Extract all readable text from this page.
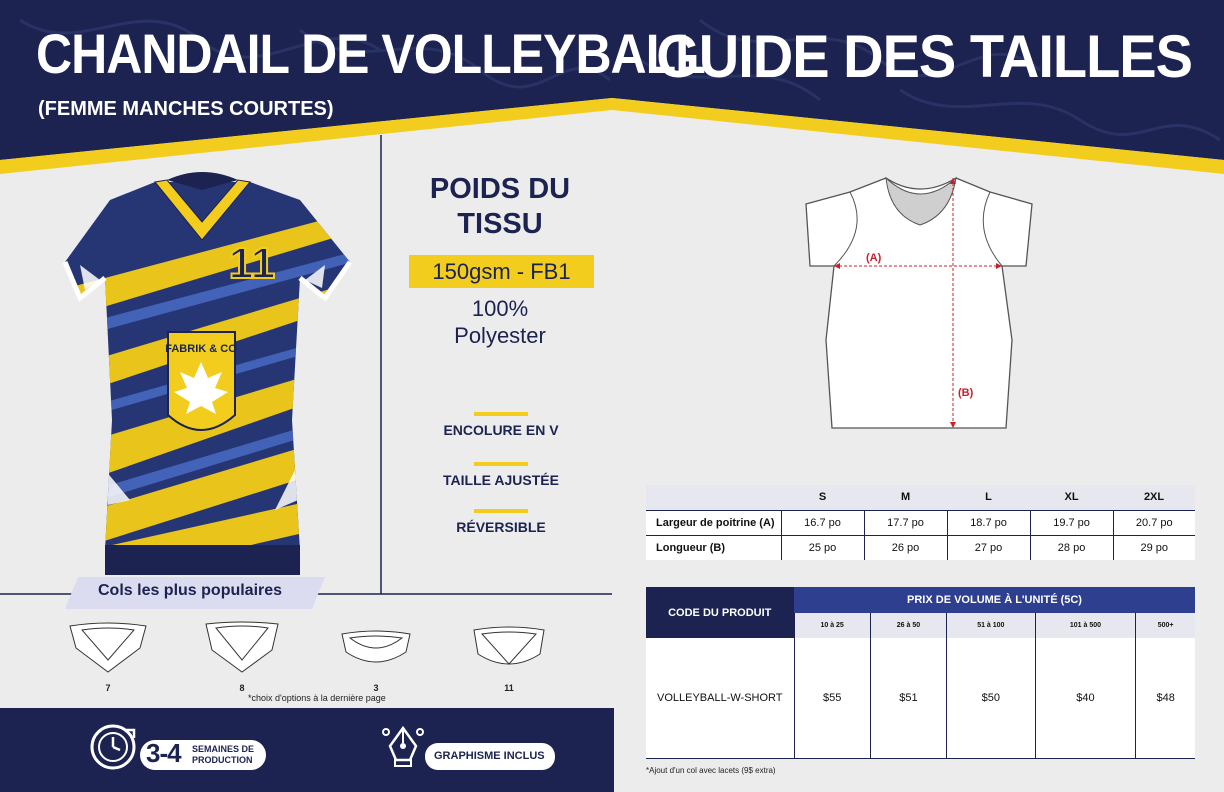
CHANDAIL DE VOLLEYBALL
(FEMME MANCHES COURTES)
GUIDE DES TAILLES
11
FABRIK & CO
POIDS DU TISSU
150gsm - FB1
100%
Polyester
ENCOLURE EN V
TAILLE AJUSTÉE
RÉVERSIBLE
Cols les plus populaires
7	8	3	11
*choix d'options à la dernière page
3-4 SEMAINES DE
PRODUCTION	GRAPHISME INCLUS
(A)
(B)
	S	M	L	XL	2XL
Largeur de poitrine (A)	16.7 po	17.7 po	18.7 po	19.7 po	20.7 po
Longueur (B)	25 po	26 po	27 po	28 po	29 po
CODE DU PRODUIT	PRIX DE VOLUME À L'UNITÉ (5C)				
	10 à 25	26 à 50	51 à 100	101 à 500	500+
VOLLEYBALL-W-SHORT	$55	$51	$50	$40	$48
*Ajout d'un col avec lacets (9$ extra)
